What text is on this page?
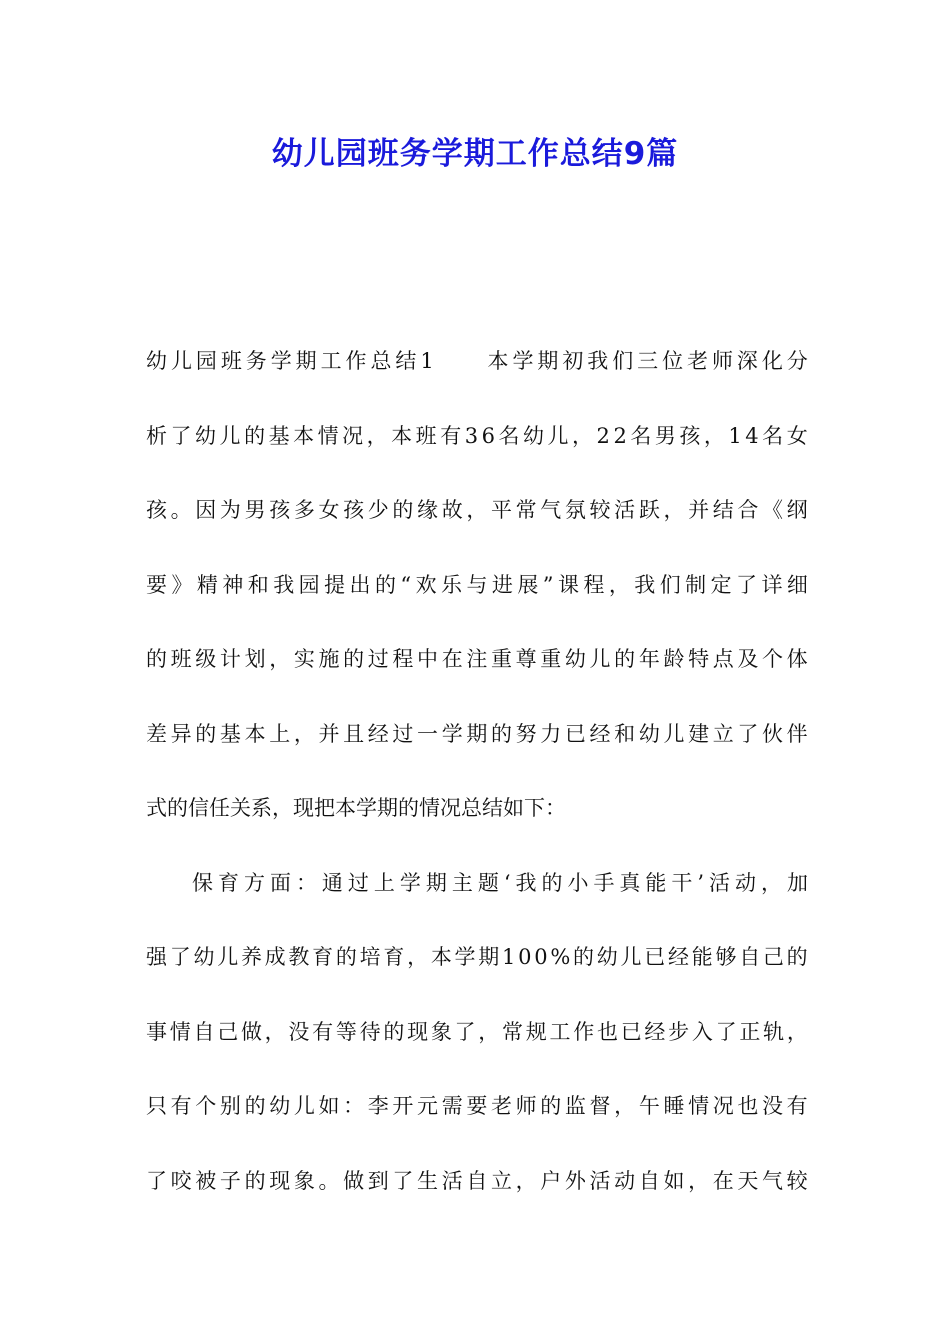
幼儿园班务学期工作总结9篇
幼 儿 园 班 务 学 期 工 作 总 结 1

　	本 学 期 初 我 们 三 位 老 师 深 化 分
析 了 幼 儿 的 基 本 情 况 ， 本 班 有 3 6 名 幼 儿 ， 2 2 名 男 孩 ， 1 4 名 女
孩 。 因 为 男 孩 多 女 孩 少 的 缘 故 ， 平 常 气 氛 较 活 跃 ， 并 结 合 《 纲
要 》 精 神 和 我 园 提 出 的 “ 欢 乐 与 进 展 ” 课 程 ， 我 们 制 定 了 详 细
的 班 级 计 划 ， 实 施 的 过 程 中 在 注 重 尊 重 幼 儿 的 年 龄 特 点 及 个 体
差 异 的 基 本 上 ， 并 且 经 过 一 学 期 的 努 力 已 经 和 幼 儿 建 立 了 伙 伴
式的信任关系，现把本学期的情况总结如下：
保 育 方 面 ： 通 过 上 学 期 主 题 ‘ 我 的 小 手 真 能 干 ’ 活 动 ， 加
强 了 幼 儿 养 成 教 育 的 培 育 ， 本 学 期 1 0 0 % 的 幼 儿 已 经 能 够 自 己 的
事 情 自 己 做 ， 没 有 等 待 的 现 象 了 ， 常 规 工 作 也 已 经 步 入 了 正 轨 ，
只 有 个 别 的 幼 儿 如 ： 李 开 元 需 要 老 师 的 监 督 ， 午 睡 情 况 也 没 有
了 咬 被 子 的 现 象 。 做 到 了 生 活 自 立 ， 户 外 活 动 自 如 ， 在 天 气 较
